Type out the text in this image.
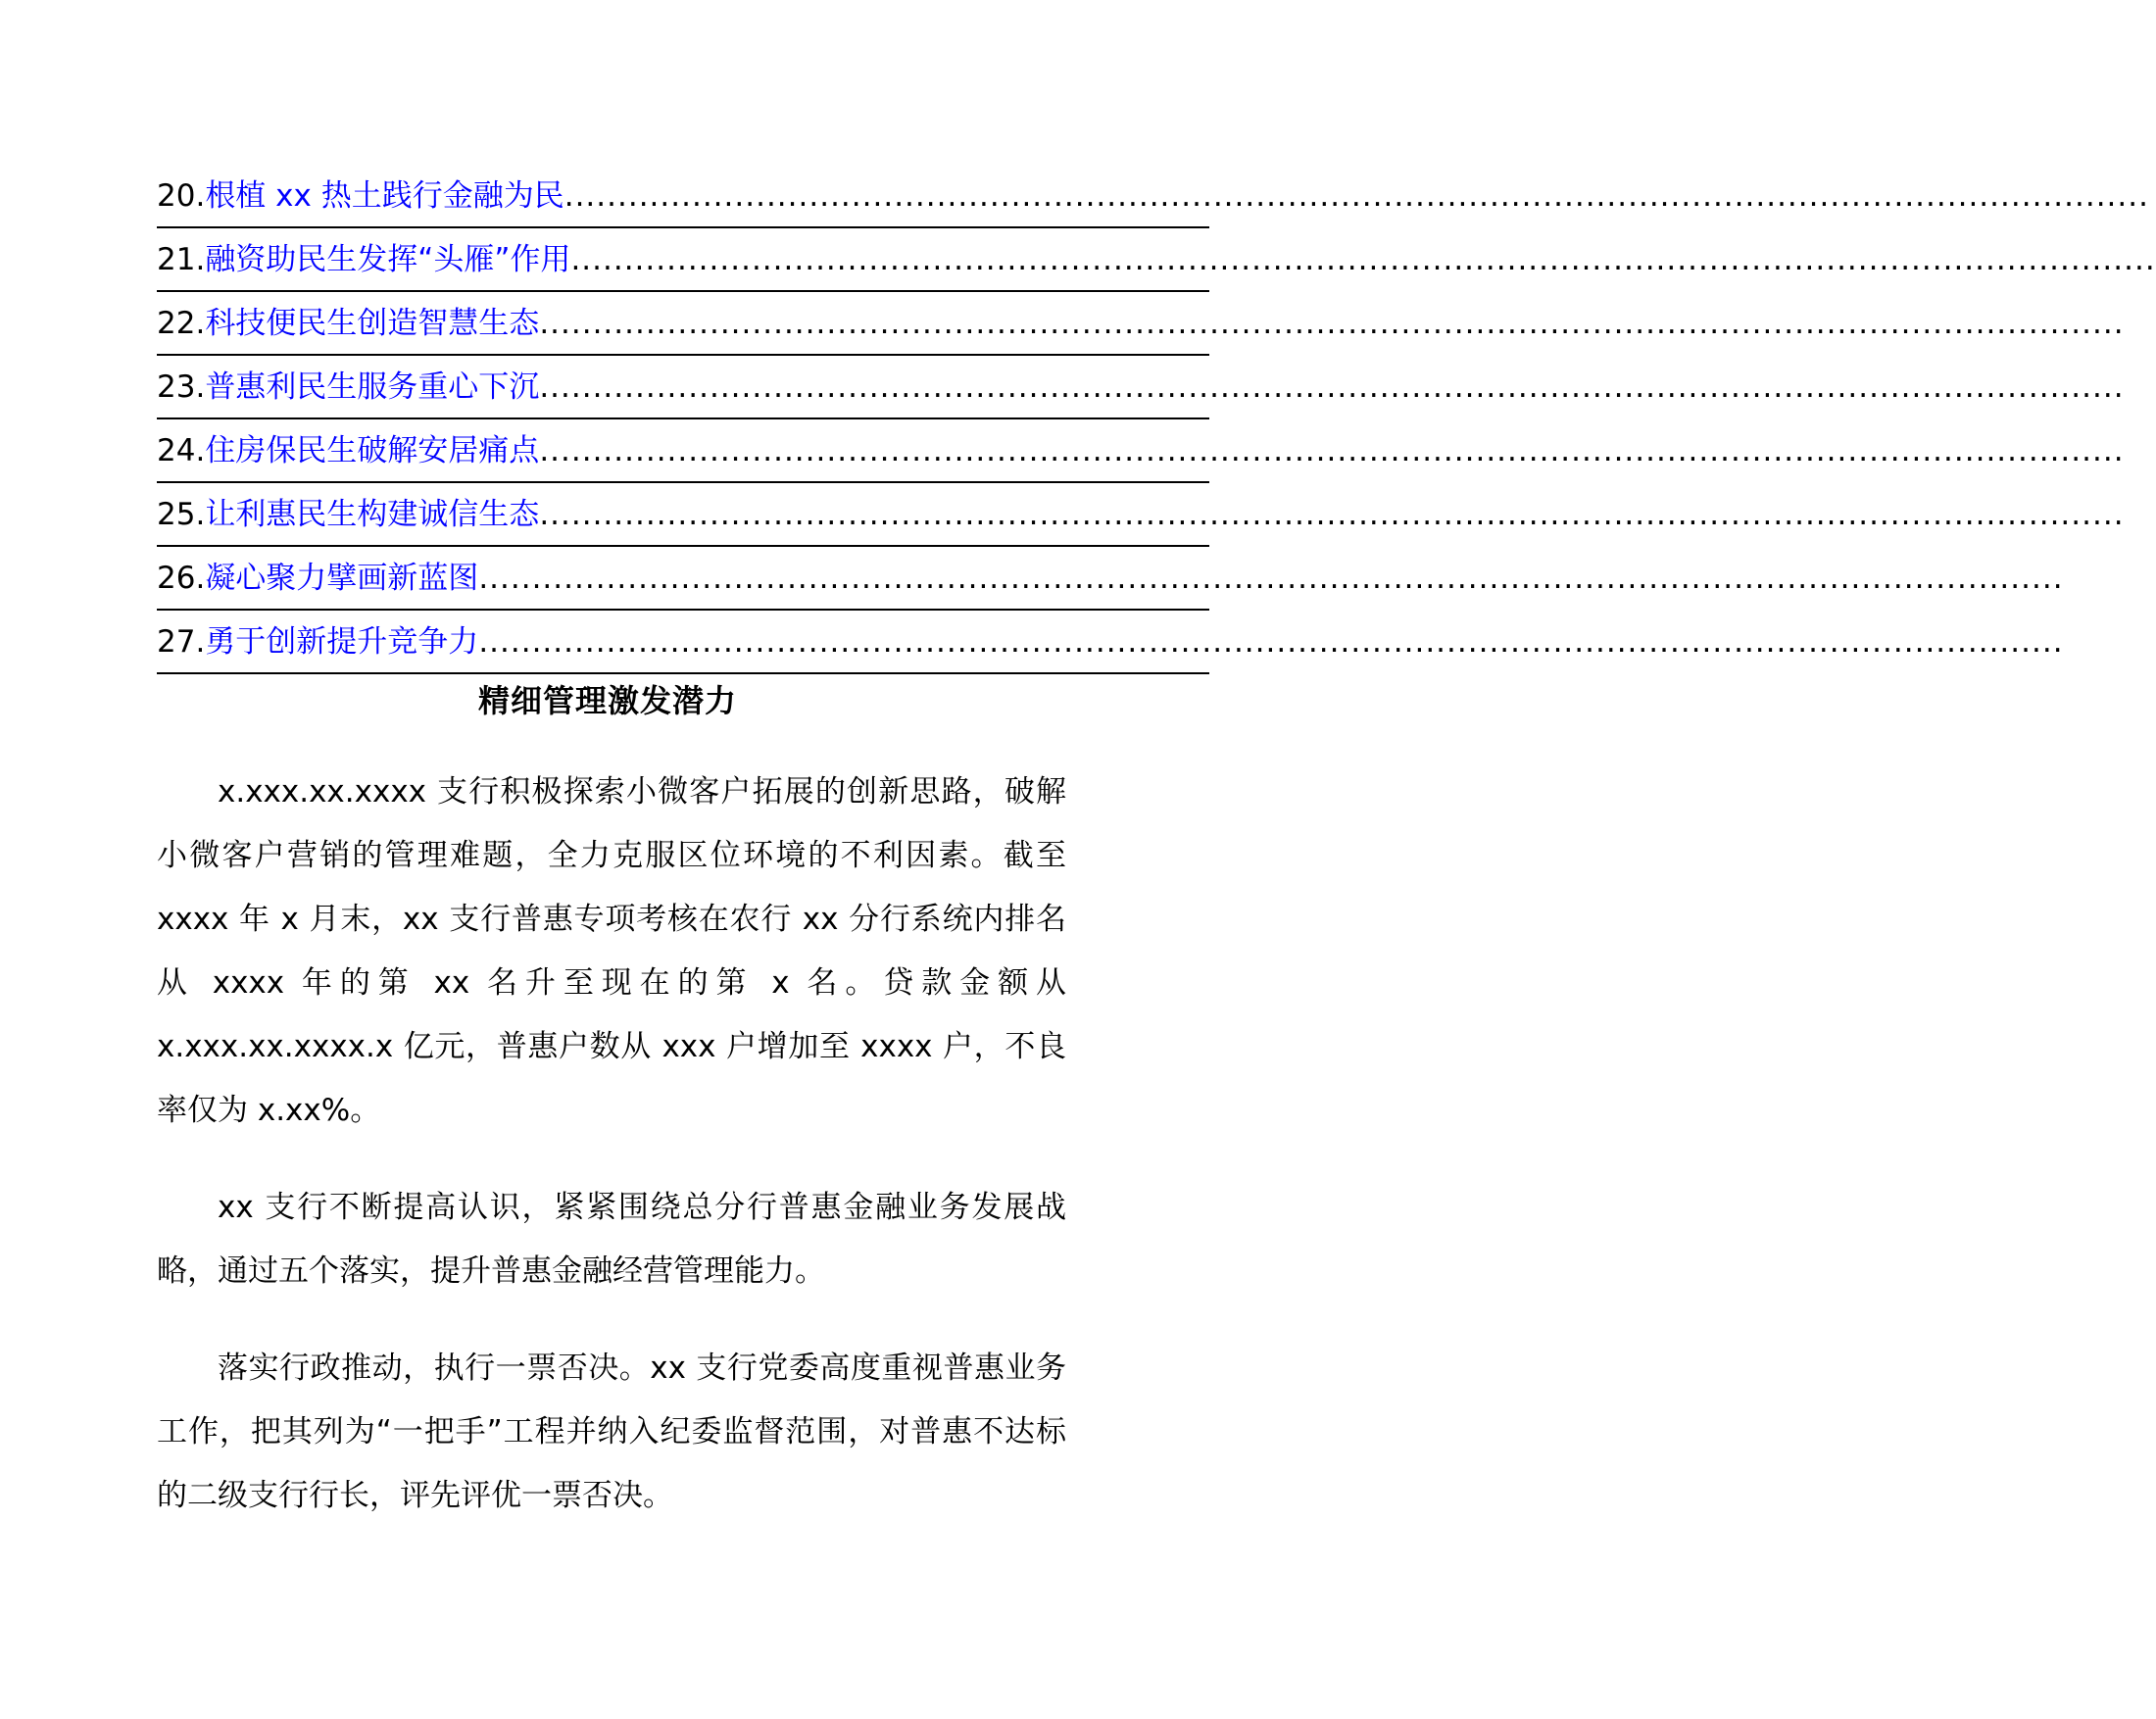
20. 根植 xx 热土践行金融为民 .....................................................................................................................................................
21. 融资助民生发挥“头雁”作用 .....................................................................................................................................................
22. 科技便民生创造智慧生态 .....................................................................................................................................................
23. 普惠利民生服务重心下沉 .....................................................................................................................................................
24. 住房保民生破解安居痛点 .....................................................................................................................................................
25. 让利惠民生构建诚信生态 .....................................................................................................................................................
26. 凝心聚力擘画新蓝图 .....................................................................................................................................................
27. 勇于创新提升竞争力 .....................................................................................................................................................
精细管理激发潜力

x.xxx.xx.xxxx 支行积极探索小微客户拓展的创新思路，破解小微客户营销的管理难题，全力克服区位环境的不利因素。截至 xxxx 年 x 月末，xx 支行普惠专项考核在农行 xx 分行系统内排名从 xxxx 年的第 xx 名升至现在的第 x 名。贷款金额从 x.xxx.xx.xxxx.x 亿元，普惠户数从 xxx 户增加至 xxxx 户，不良率仅为 x.xx%。

xx 支行不断提高认识，紧紧围绕总分行普惠金融业务发展战略，通过五个落实，提升普惠金融经营管理能力。

落实行政推动，执行一票否决。xx 支行党委高度重视普惠业务工作，把其列为“一把手”工程并纳入纪委监督范围，对普惠不达标的二级支行行长，评先评优一票否决。
